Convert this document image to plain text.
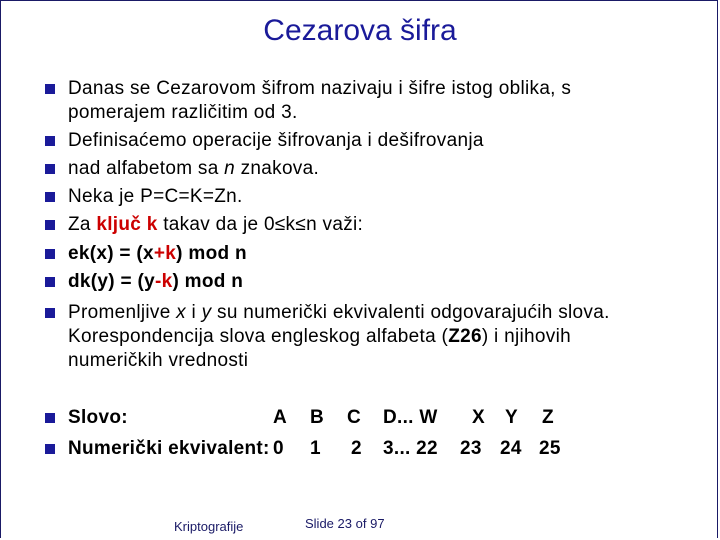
Cezarova šifra
Danas se Cezarovom šifrom nazivaju i šifre istog oblika, s
pomerajem različitim od 3.
Definisaćemo operacije šifrovanja i dešifrovanja
nad alfabetom sa n znakova.
Neka je P=C=K=Zn.
Za ključ k takav da je 0≤k≤n važi:
ek(x) = (x+k) mod n
dk(y) = (y-k) mod n
Promenljive x i y su numerički ekvivalenti odgovarajućih slova.
Korespondencija slova engleskog alfabeta (Z26) i njihovih
numeričkih vrednosti
Slovo:	A B C D... W X Y Z
Numerički ekvivalent: 0 1 2 3... 22 23 24 25
Kriptografije	Slide 23 of 97
